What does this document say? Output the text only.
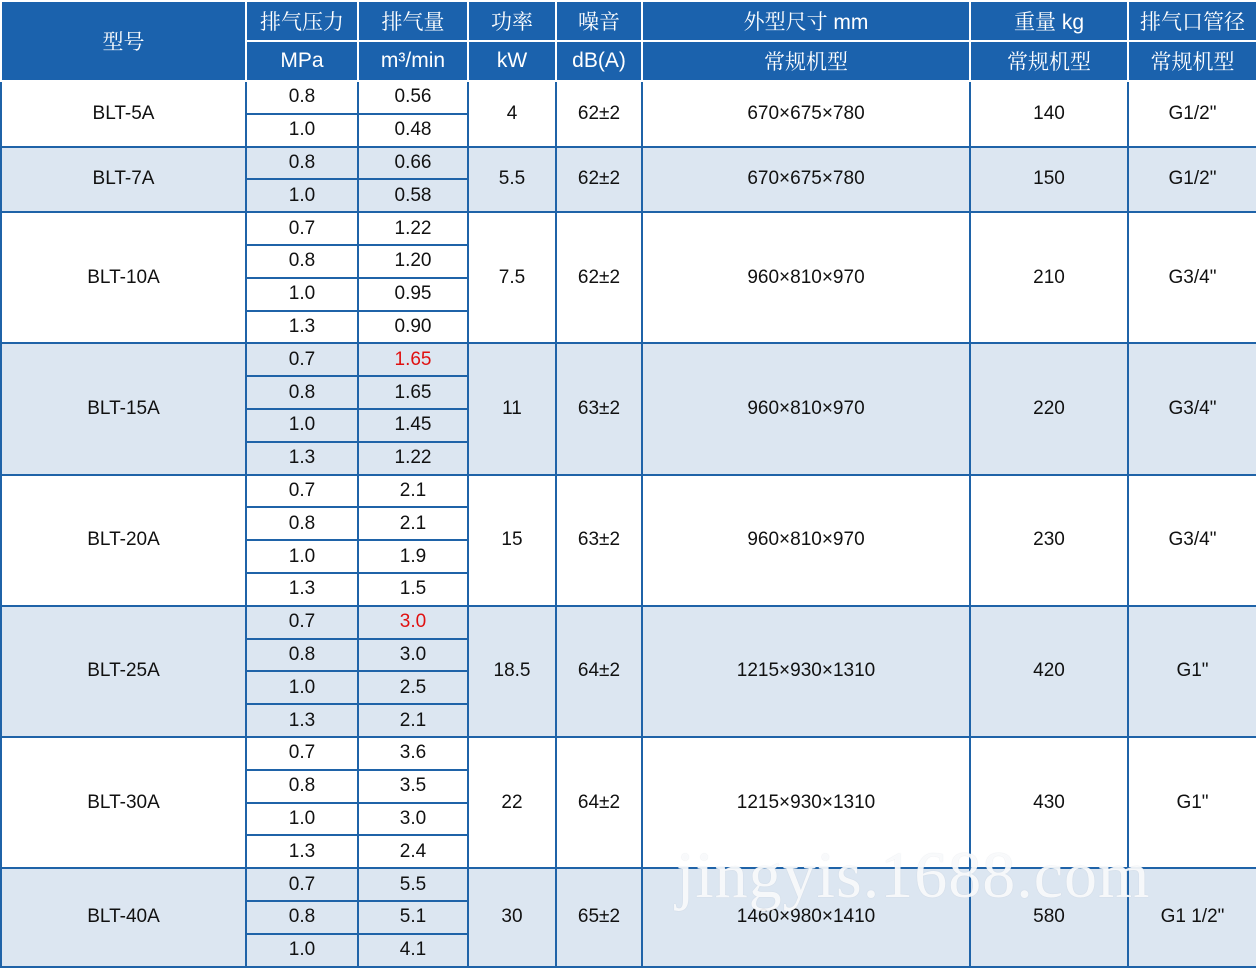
型号	排气压力	排气量	功率	噪音	外型尺寸 mm	重量 kg	排气口管径
	MPa	m³/min	kW	dB(A)	常规机型	常规机型	常规机型
BLT-5A	0.8	0.56	4	62±2	670×675×780	140	G1/2"
	1.0	0.48					
BLT-7A	0.8	0.66	5.5	62±2	670×675×780	150	G1/2"
	1.0	0.58					
BLT-10A	0.7	1.22	7.5	62±2	960×810×970	210	G3/4"
	0.8	1.20					
	1.0	0.95					
	1.3	0.90					
BLT-15A	0.7	1.65	11	63±2	960×810×970	220	G3/4"
	0.8	1.65					
	1.0	1.45					
	1.3	1.22					
BLT-20A	0.7	2.1	15	63±2	960×810×970	230	G3/4"
	0.8	2.1					
	1.0	1.9					
	1.3	1.5					
BLT-25A	0.7	3.0	18.5	64±2	1215×930×1310	420	G1"
	0.8	3.0					
	1.0	2.5					
	1.3	2.1					
BLT-30A	0.7	3.6	22	64±2	1215×930×1310	430	G1"
	0.8	3.5					
	1.0	3.0					
	1.3	2.4					
BLT-40A	0.7	5.5	30	65±2	1460×980×1410	580	G1 1/2"
	0.8	5.1					
	1.0	4.1					
jingyis.1688.com
